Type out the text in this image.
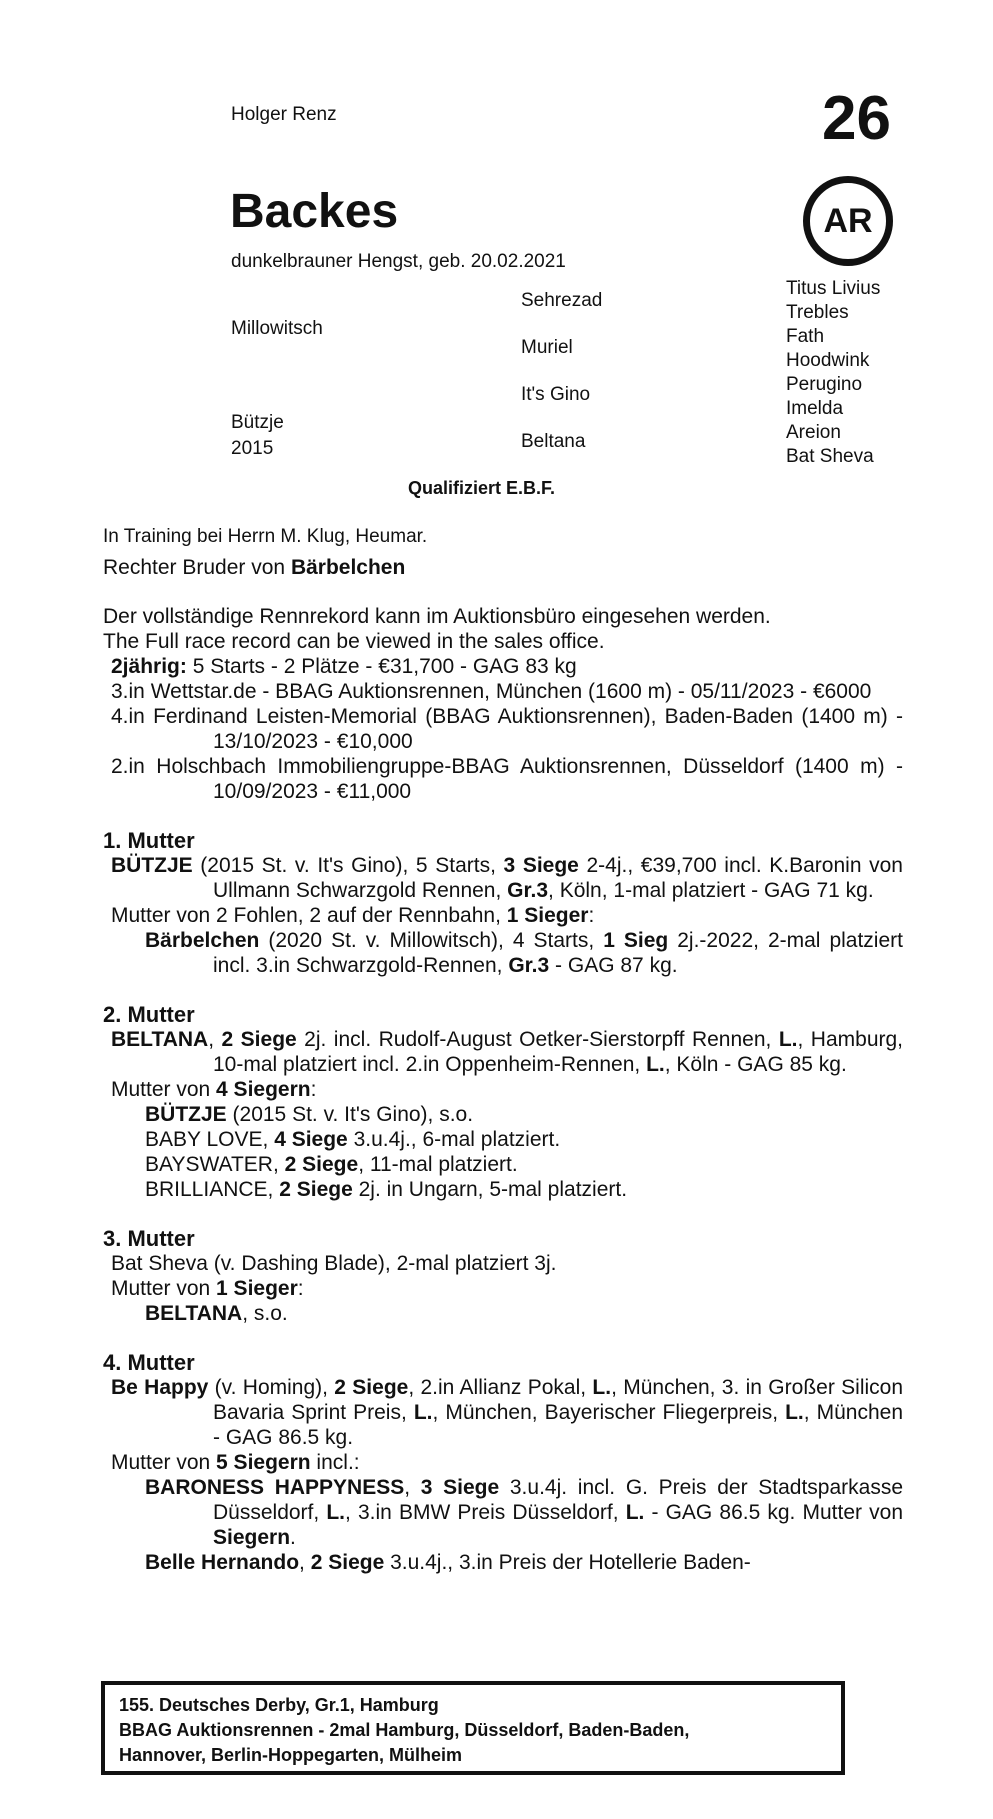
Holger Renz	26
Backes
dunkelbrauner Hengst, geb. 20.02.2021
AR
Millowitsch
Bützje
2015
Sehrezad
Muriel
It's Gino
Beltana
Titus Livius
Trebles
Fath
Hoodwink
Perugino
Imelda
Areion
Bat Sheva
Qualifiziert E.B.F.

In Training bei Herrn M. Klug, Heumar.

Rechter Bruder von Bärbelchen

Der vollständige Rennrekord kann im Auktionsbüro eingesehen werden.

The Full race record can be viewed in the sales office.

2jährig: 5 Starts - 2 Plätze - €31,700 - GAG 83 kg

3.in Wettstar.de - BBAG Auktionsrennen, München (1600 m) - 05/11/2023 - €6000

4.in Ferdinand Leisten-Memorial (BBAG Auktionsrennen), Baden-Baden (1400 m) - 13/10/2023 - €10,000

2.in Holschbach Immobiliengruppe-BBAG Auktionsrennen, Düsseldorf (1400 m) - 10/09/2023 - €11,000

1. Mutter

BÜTZJE (2015 St. v. It's Gino), 5 Starts, 3 Siege 2-4j., €39,700 incl. K.Baronin von Ullmann Schwarzgold Rennen, Gr.3, Köln, 1-mal platziert - GAG 71 kg.

Mutter von 2 Fohlen, 2 auf der Rennbahn, 1 Sieger:

Bärbelchen (2020 St. v. Millowitsch), 4 Starts, 1 Sieg 2j.-2022, 2-mal platziert incl. 3.in Schwarzgold-Rennen, Gr.3 - GAG 87 kg.

2. Mutter

BELTANA, 2 Siege 2j. incl. Rudolf-August Oetker-Sierstorpff Rennen, L., Hamburg, 10-mal platziert incl. 2.in Oppenheim-Rennen, L., Köln - GAG 85 kg.

Mutter von 4 Siegern:

BÜTZJE (2015 St. v. It's Gino), s.o.

BABY LOVE, 4 Siege 3.u.4j., 6-mal platziert.

BAYSWATER, 2 Siege, 11-mal platziert.

BRILLIANCE, 2 Siege 2j. in Ungarn, 5-mal platziert.

3. Mutter

Bat Sheva (v. Dashing Blade), 2-mal platziert 3j.

Mutter von 1 Sieger:

BELTANA, s.o.

4. Mutter

Be Happy (v. Homing), 2 Siege, 2.in Allianz Pokal, L., München, 3. in Großer Silicon Bavaria Sprint Preis, L., München, Bayerischer Fliegerpreis, L., München - GAG 86.5 kg.

Mutter von 5 Siegern incl.:

BARONESS HAPPYNESS, 3 Siege 3.u.4j. incl. G. Preis der Stadtsparkasse Düsseldorf, L., 3.in BMW Preis Düsseldorf, L. - GAG 86.5 kg. Mutter von Siegern.

Belle Hernando, 2 Siege 3.u.4j., 3.in Preis der Hotellerie Baden-

155. Deutsches Derby, Gr.1, Hamburg
BBAG Auktionsrennen - 2mal Hamburg, Düsseldorf, Baden-Baden,
Hannover, Berlin-Hoppegarten, Mülheim
